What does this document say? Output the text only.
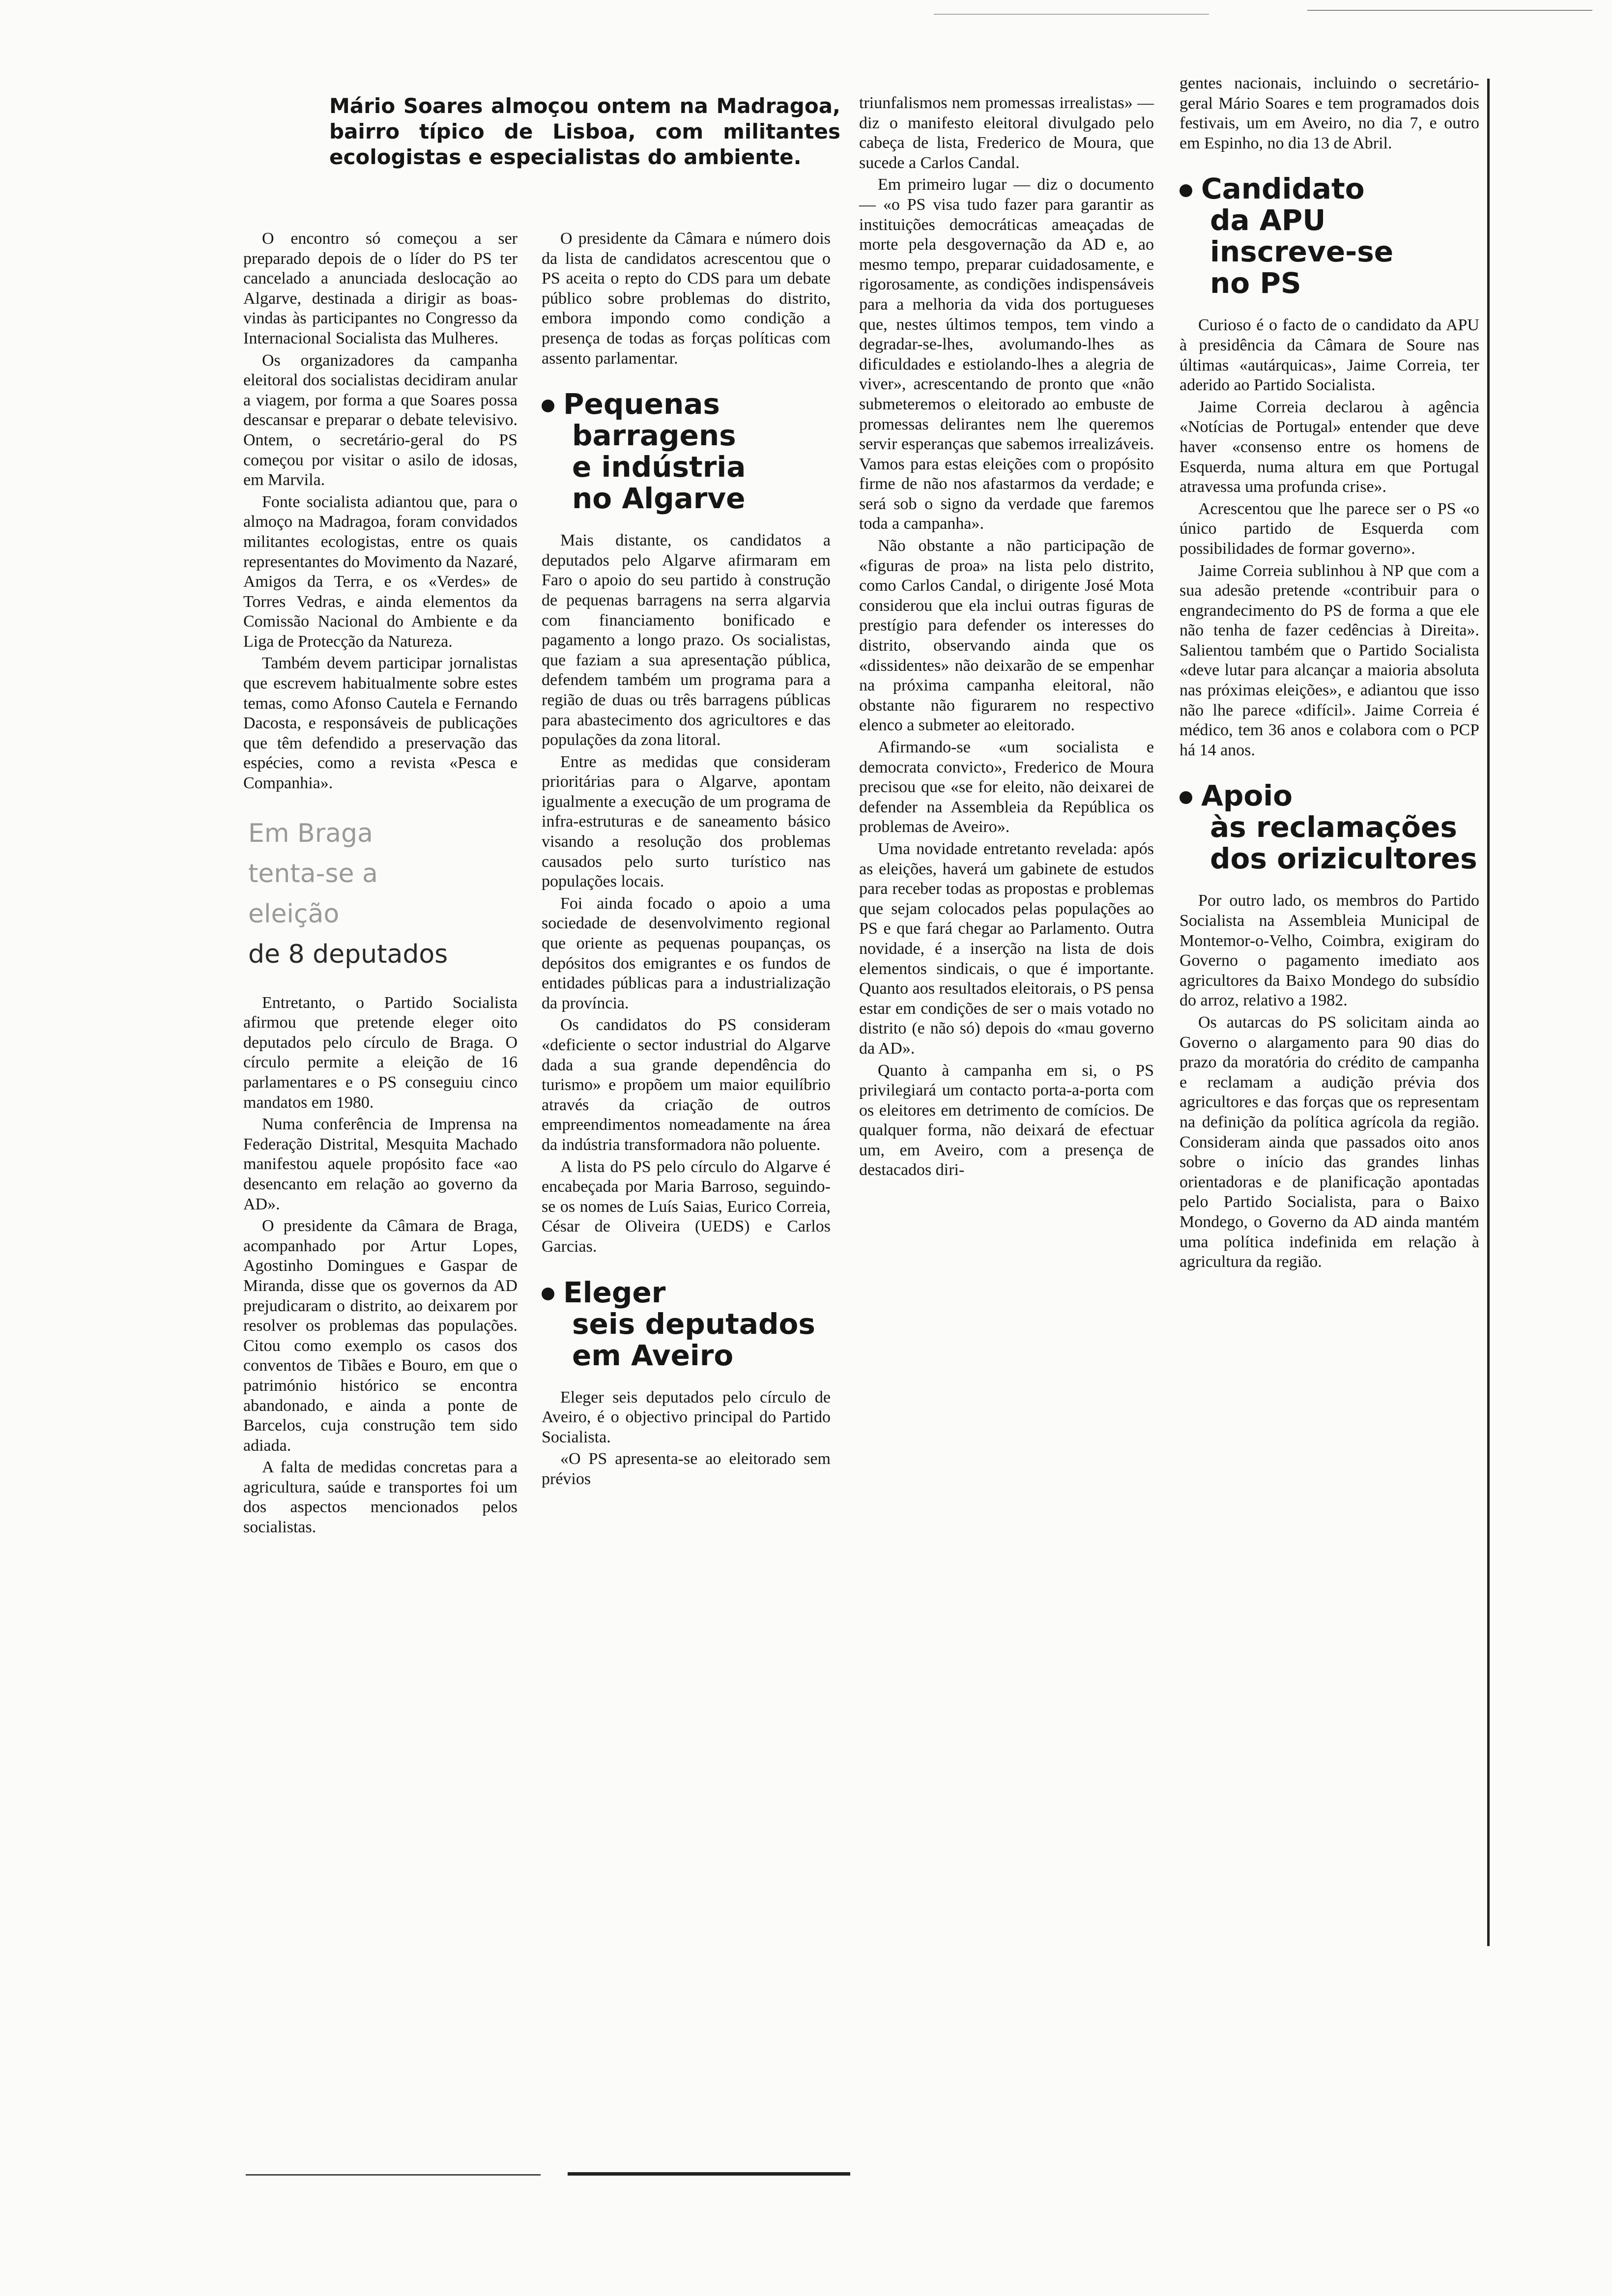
Mário Soares almoçou ontem na Madragoa, bairro típico de Lisboa, com militantes ecologistas e especialistas do ambiente.

O encontro só começou a ser preparado depois de o líder do PS ter cancelado a anunciada deslocação ao Algarve, destinada a dirigir as boas-vindas às participantes no Congresso da Internacional Socialista das Mulheres.

Os organizadores da campanha eleitoral dos socialistas decidiram anular a viagem, por forma a que Soares possa descansar e preparar o debate televisivo. Ontem, o secretário-geral do PS começou por visitar o asilo de idosas, em Marvila.

Fonte socialista adiantou que, para o almoço na Madragoa, foram convidados militantes ecologistas, entre os quais representantes do Movimento da Nazaré, Amigos da Terra, e os «Verdes» de Torres Vedras, e ainda elementos da Comissão Nacional do Ambiente e da Liga de Protecção da Natureza.

Também devem participar jornalistas que escrevem habitualmente sobre estes temas, como Afonso Cautela e Fernando Dacosta, e responsáveis de publicações que têm defendido a preservação das espécies, como a revista «Pesca e Companhia».

Em Braga
tenta-se a
eleição
de 8 deputados

Entretanto, o Partido Socialista afirmou que pretende eleger oito deputados pelo círculo de Braga. O círculo permite a eleição de 16 parlamentares e o PS conseguiu cinco mandatos em 1980.

Numa conferência de Imprensa na Federação Distrital, Mesquita Machado manifestou aquele propósito face «ao desencanto em relação ao governo da AD».

O presidente da Câmara de Braga, acompanhado por Artur Lopes, Agostinho Domingues e Gaspar de Miranda, disse que os governos da AD prejudicaram o distrito, ao deixarem por resolver os problemas das populações. Citou como exemplo os casos dos conventos de Tibães e Bouro, em que o património histórico se encontra abandonado, e ainda a ponte de Barcelos, cuja construção tem sido adiada.

A falta de medidas concretas para a agricultura, saúde e transportes foi um dos aspectos mencionados pelos socialistas.

O presidente da Câmara e número dois da lista de candidatos acrescentou que o PS aceita o repto do CDS para um debate público sobre problemas do distrito, embora impondo como condição a presença de todas as forças políticas com assento parlamentar.

Pequenas
barragens
e indústria
no Algarve

Mais distante, os candidatos a deputados pelo Algarve afirmaram em Faro o apoio do seu partido à construção de pequenas barragens na serra algarvia com financiamento bonificado e pagamento a longo prazo. Os socialistas, que faziam a sua apresentação pública, defendem também um programa para a região de duas ou três barragens públicas para abastecimento dos agricultores e das populações da zona litoral.

Entre as medidas que consideram prioritárias para o Algarve, apontam igualmente a execução de um programa de infra-estruturas e de saneamento básico visando a resolução dos problemas causados pelo surto turístico nas populações locais.

Foi ainda focado o apoio a uma sociedade de desenvolvimento regional que oriente as pequenas poupanças, os depósitos dos emigrantes e os fundos de entidades públicas para a industrialização da província.

Os candidatos do PS consideram «deficiente o sector industrial do Algarve dada a sua grande dependência do turismo» e propõem um maior equilíbrio através da criação de outros empreendimentos nomeadamente na área da indústria transformadora não poluente.

A lista do PS pelo círculo do Algarve é encabeçada por Maria Barroso, seguindo-se os nomes de Luís Saias, Eurico Correia, César de Oliveira (UEDS) e Carlos Garcias.

Eleger
seis deputados
em Aveiro

Eleger seis deputados pelo círculo de Aveiro, é o objectivo principal do Partido Socialista.

«O PS apresenta-se ao eleitorado sem prévios

triunfalismos nem promessas irrealistas» — diz o manifesto eleitoral divulgado pelo cabeça de lista, Frederico de Moura, que sucede a Carlos Candal.

Em primeiro lugar — diz o documento — «o PS visa tudo fazer para garantir as instituições democráticas ameaçadas de morte pela desgovernação da AD e, ao mesmo tempo, preparar cuidadosamente, e rigorosamente, as condições indispensáveis para a melhoria da vida dos portugueses que, nestes últimos tempos, tem vindo a degradar-se-lhes, avolumando-lhes as dificuldades e estiolando-lhes a alegria de viver», acrescentando de pronto que «não submeteremos o eleitorado ao embuste de promessas delirantes nem lhe queremos servir esperanças que sabemos irrealizáveis. Vamos para estas eleições com o propósito firme de não nos afastarmos da verdade; e será sob o signo da verdade que faremos toda a campanha».

Não obstante a não participação de «figuras de proa» na lista pelo distrito, como Carlos Candal, o dirigente José Mota considerou que ela inclui outras figuras de prestígio para defender os interesses do distrito, observando ainda que os «dissidentes» não deixarão de se empenhar na próxima campanha eleitoral, não obstante não figurarem no respectivo elenco a submeter ao eleitorado.

Afirmando-se «um socialista e democrata convicto», Frederico de Moura precisou que «se for eleito, não deixarei de defender na Assembleia da República os problemas de Aveiro».

Uma novidade entretanto revelada: após as eleições, haverá um gabinete de estudos para receber todas as propostas e problemas que sejam colocados pelas populações ao PS e que fará chegar ao Parlamento. Outra novidade, é a inserção na lista de dois elementos sindicais, o que é importante. Quanto aos resultados eleitorais, o PS pensa estar em condições de ser o mais votado no distrito (e não só) depois do «mau governo da AD».

Quanto à campanha em si, o PS privilegiará um contacto porta-a-porta com os eleitores em detrimento de comícios. De qualquer forma, não deixará de efectuar um, em Aveiro, com a presença de destacados diri-

gentes nacionais, incluindo o secretário-geral Mário Soares e tem programados dois festivais, um em Aveiro, no dia 7, e outro em Espinho, no dia 13 de Abril.

Candidato
da APU
inscreve-se
no PS

Curioso é o facto de o candidato da APU à presidência da Câmara de Soure nas últimas «autárquicas», Jaime Correia, ter aderido ao Partido Socialista.

Jaime Correia declarou à agência «Notícias de Portugal» entender que deve haver «consenso entre os homens de Esquerda, numa altura em que Portugal atravessa uma profunda crise».

Acrescentou que lhe parece ser o PS «o único partido de Esquerda com possibilidades de formar governo».

Jaime Correia sublinhou à NP que com a sua adesão pretende «contribuir para o engrandecimento do PS de forma a que ele não tenha de fazer cedências à Direita». Salientou também que o Partido Socialista «deve lutar para alcançar a maioria absoluta nas próximas eleições», e adiantou que isso não lhe parece «difícil». Jaime Correia é médico, tem 36 anos e colabora com o PCP há 14 anos.

Apoio
às reclamações
dos orizicultores

Por outro lado, os membros do Partido Socialista na Assembleia Municipal de Montemor-o-Velho, Coimbra, exigiram do Governo o pagamento imediato aos agricultores da Baixo Mondego do subsídio do arroz, relativo a 1982.

Os autarcas do PS solicitam ainda ao Governo o alargamento para 90 dias do prazo da moratória do crédito de campanha e reclamam a audição prévia dos agricultores e das forças que os representam na definição da política agrícola da região. Consideram ainda que passados oito anos sobre o início das grandes linhas orientadoras e de planificação apontadas pelo Partido Socialista, para o Baixo Mondego, o Governo da AD ainda mantém uma política indefinida em relação à agricultura da região.
